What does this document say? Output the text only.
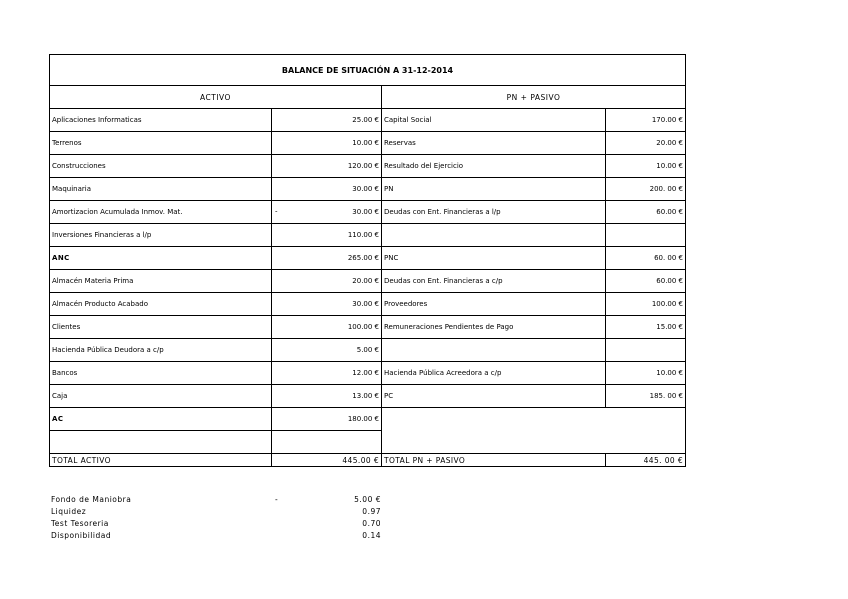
BALANCE DE SITUACIÓN A 31-12-2014			
ACTIVO		PN + PASIVO	
Aplicaciones Informaticas	25.00 €	Capital Social	170.00 €
Terrenos	10.00 €	Reservas	20.00 €
Construcciones	120.00 €	Resultado del Ejercicio	10.00 €
Maquinaria	30.00 €	PN	200. 00 €
Amortizacion Acumulada Inmov. Mat.	- 30.00 €	Deudas con Ent. Financieras a l/p	60.00 €
Inversiones Financieras a l/p	110.00 €		
ANC	265.00 €	PNC	60. 00 €
Almacén Materia Prima	20.00 €	Deudas con Ent. Financieras a c/p	60.00 €
Almacén Producto Acabado	30.00 €	Proveedores	100.00 €
Clientes	100.00 €	Remuneraciones Pendientes de Pago	15.00 €
Hacienda Pública Deudora a c/p	5.00 €		
Bancos	12.00 €	Hacienda Pública Acreedora a c/p	10.00 €
Caja	13.00 €	PC	185. 00 €
AC	180.00 €		

TOTAL ACTIVO	445.00 €	TOTAL PN + PASIVO	445. 00 €
Fondo de Maniobra	-	5.00 €
Liquidez	0.97
Test Tesoreria	0.70
Disponibilidad	0.14
